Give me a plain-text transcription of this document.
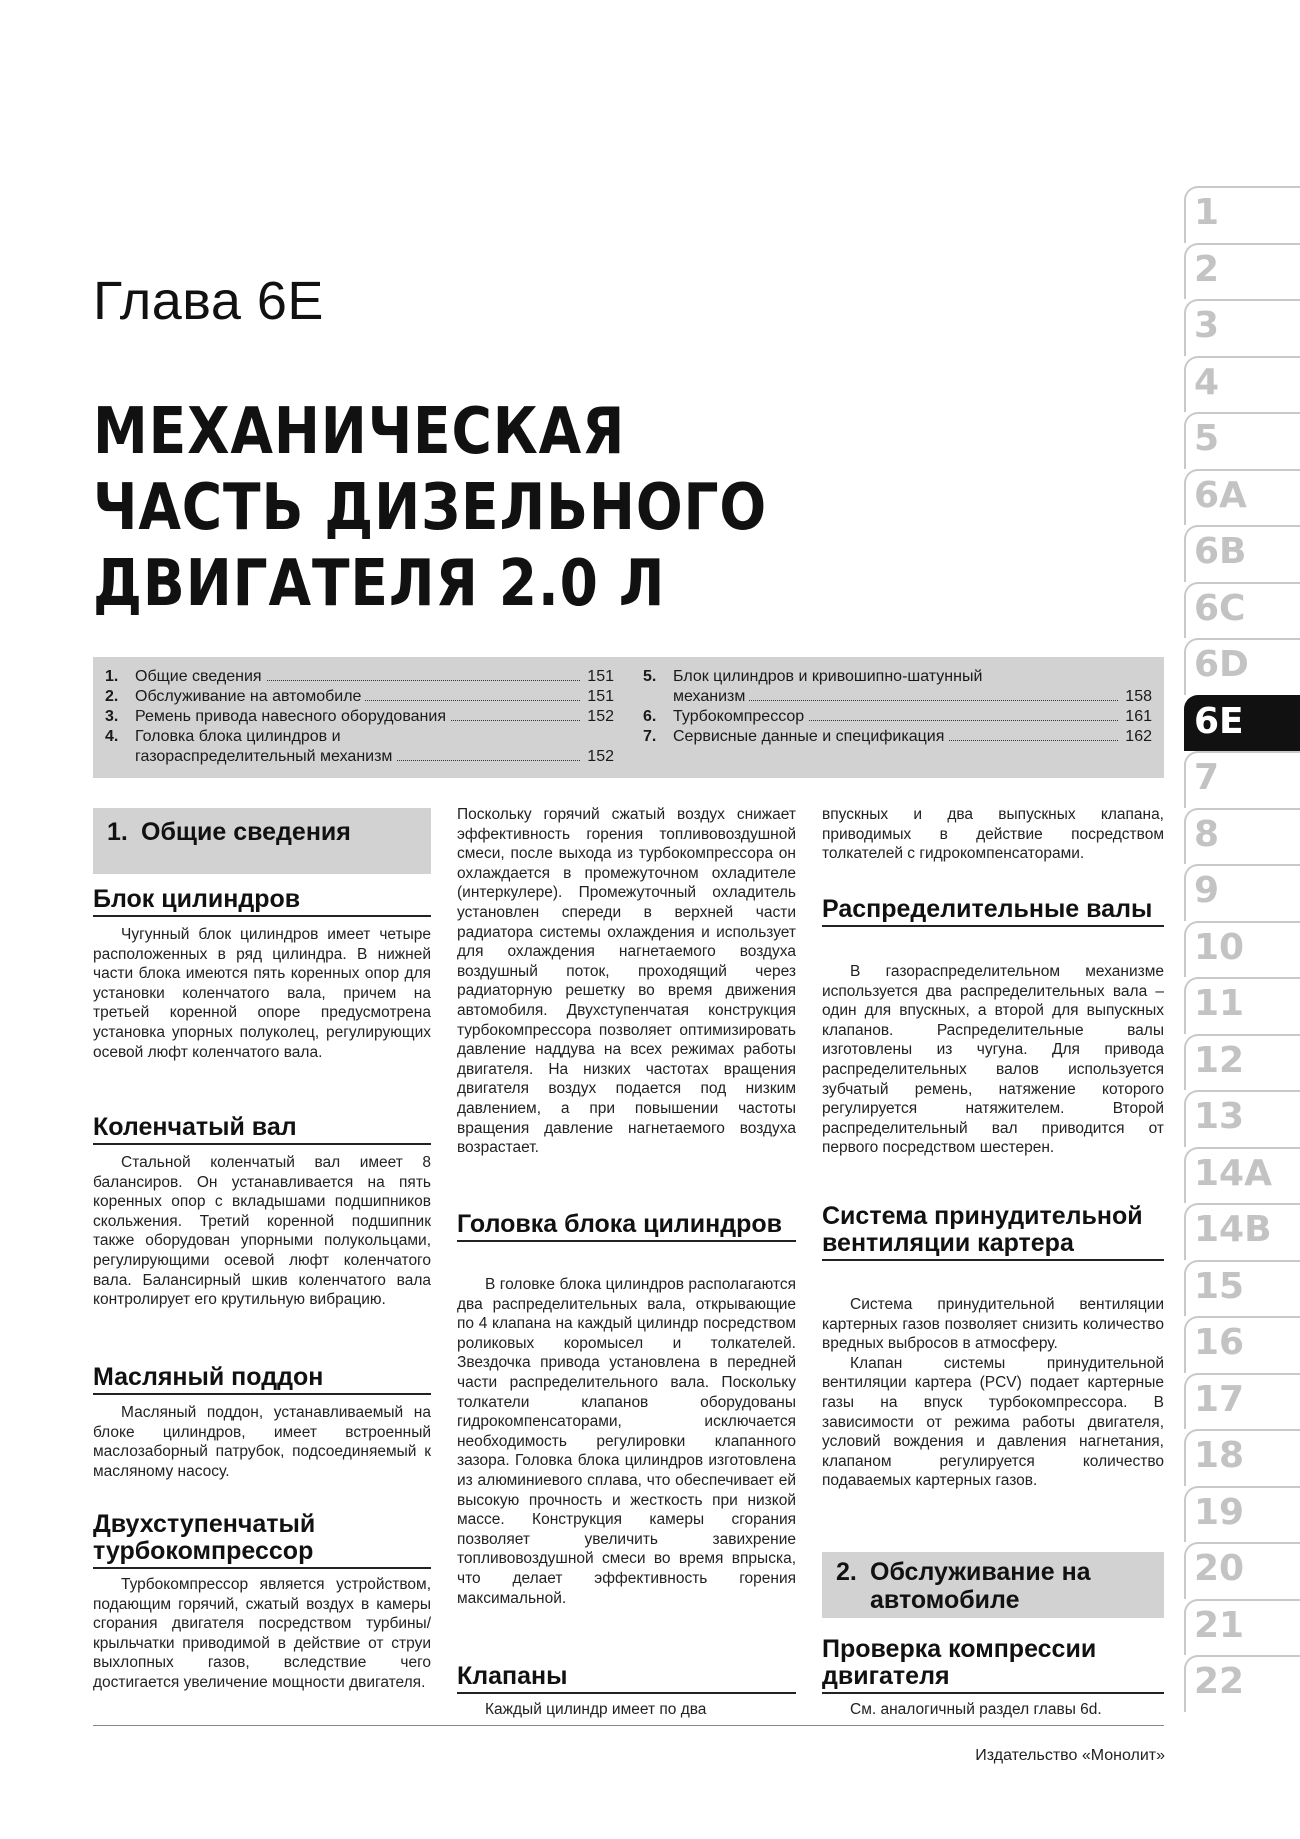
Глава 6Е
МЕХАНИЧЕСКАЯ
ЧАСТЬ ДИЗЕЛЬНОГО
ДВИГАТЕЛЯ 2.0 Л
1.	Общие сведения	151
2.	Обслуживание на автомобиле	151
3.	Ремень привода навесного оборудования	152
4.	Головка блока цилиндров и
газораспределительный механизм	152
5.	Блок цилиндров и кривошипно-шатунный
механизм	158
6.	Турбокомпрессор	161
7.	Сервисные данные и спецификация	162
1. Общие сведения
Блок цилиндров

Чугунный блок цилиндров имеет четыре расположенных в ряд цилиндра. В нижней части блока имеются пять коренных опор для установки коленчатого вала, причем на третьей коренной опоре предусмотрена установка упорных полуколец, регулирующих осевой люфт коленчатого вала.

Коленчатый вал

Стальной коленчатый вал имеет 8 балансиров. Он устанавливается на пять коренных опор с вкладышами подшипников скольжения. Третий коренной подшипник также оборудован упорными полукольцами, регулирующими осевой люфт коленчатого вала. Балансирный шкив коленчатого вала контролирует его крутильную вибрацию.

Масляный поддон

Масляный поддон, устанавливаемый на блоке цилиндров, имеет встроенный маслозаборный патрубок, подсоединяемый к масляному насосу.

Двухступенчатый турбокомпрессор

Турбокомпрессор является устройством, подающим горячий, сжатый воздух в камеры сгорания двигателя посредством турбины/крыльчатки приводимой в действие от струи выхлопных газов, вследствие чего достигается увеличение мощности двигателя.

Поскольку горячий сжатый воздух снижает эффективность горения топливовоздушной смеси, после выхода из турбокомпрессора он охлаждается в промежуточном охладителе (интеркулере). Промежуточный охладитель установлен спереди в верхней части радиатора системы охлаждения и использует для охлаждения нагнетаемого воздуха воздушный поток, проходящий через радиаторную решетку во время движения автомобиля. Двухступенчатая конструкция турбокомпрессора позволяет оптимизировать давление наддува на всех режимах работы двигателя. На низких частотах вращения двигателя воздух подается под низким давлением, а при повышении частоты вращения давление нагнетаемого воздуха возрастает.

Головка блока цилиндров

В головке блока цилиндров располагаются два распределительных вала, открывающие по 4 клапана на каждый цилиндр посредством роликовых коромысел и толкателей. Звездочка привода установлена в передней части распределительного вала. Поскольку толкатели клапанов оборудованы гидрокомпенсаторами, исключается необходимость регулировки клапанного зазора. Головка блока цилиндров изготовлена из алюминиевого сплава, что обеспечивает ей высокую прочность и жесткость при низкой массе. Конструкция камеры сгорания позволяет увеличить завихрение топливовоздушной смеси во время впрыска, что делает эффективность горения максимальной.

Клапаны

Каждый цилиндр имеет по два

впускных и два выпускных клапана, приводимых в действие посредством толкателей с гидрокомпенсаторами.

Распределительные валы

В газораспределительном механизме используется два распределительных вала – один для впускных, а второй для выпускных клапанов. Распределительные валы изготовлены из чугуна. Для привода распределительных валов используется зубчатый ремень, натяжение которого регулируется натяжителем. Второй распределительный вал приводится от первого посредством шестерен.

Система принудительной вентиляции картера

Система принудительной вентиляции картерных газов позволяет снизить количество вредных выбросов в атмосферу.

Клапан системы принудительной вентиляции картера (PCV) подает картерные газы на впуск турбокомпрессора. В зависимости от режима работы двигателя, условий вождения и давления нагнетания, клапаном регулируется количество подаваемых картерных газов.

2. Обслуживание на автомобиле
Проверка компрессии двигателя

См. аналогичный раздел главы 6d.

1
2
3
4
5
6A
6B
6C
6D
6E
7
8
9
10
11
12
13
14A
14B
15
16
17
18
19
20
21
22
Издательство «Монолит»
